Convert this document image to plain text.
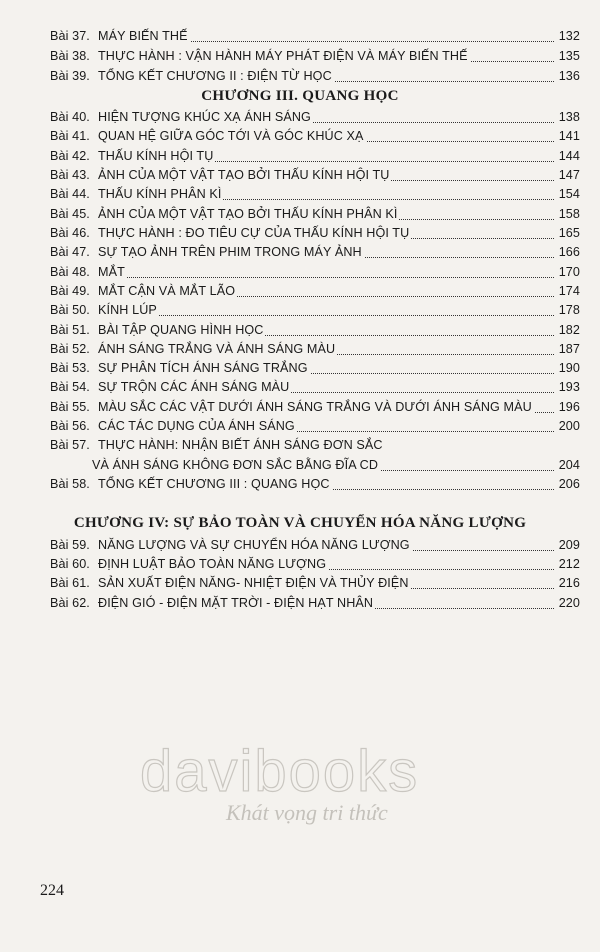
Bài 37. MÁY BIẾN THẾ	132
Bài 38. THỰC HÀNH : VẬN HÀNH MÁY PHÁT ĐIỆN VÀ MÁY BIẾN THẾ	135
Bài 39. TỔNG KẾT CHƯƠNG II : ĐIỆN TỪ HỌC	136
CHƯƠNG III. QUANG HỌC
Bài 40. HIỆN TƯỢNG KHÚC XẠ ÁNH SÁNG	138
Bài 41. QUAN HỆ GIỮA GÓC TỚI VÀ GÓC KHÚC XẠ	141
Bài 42. THẤU KÍNH HỘI TỤ	144
Bài 43. ẢNH CỦA MỘT VẬT TẠO BỞI THẤU KÍNH HỘI TỤ	147
Bài 44. THẤU KÍNH PHÂN KÌ	154
Bài 45. ẢNH CỦA MỘT VẬT TẠO BỞI THẤU KÍNH PHÂN KÌ	158
Bài 46. THỰC HÀNH : ĐO TIÊU CỰ CỦA THẤU KÍNH HỘI TỤ	165
Bài 47. SỰ TẠO ẢNH TRÊN PHIM TRONG MÁY ẢNH	166
Bài 48. MẮT	170
Bài 49. MẮT CẬN VÀ MẮT LÃO	174
Bài 50. KÍNH LÚP	178
Bài 51. BÀI TẬP QUANG HÌNH HỌC	182
Bài 52. ÁNH SÁNG TRẮNG VÀ ÁNH SÁNG MÀU	187
Bài 53. SỰ PHÂN TÍCH ÁNH SÁNG TRẮNG	190
Bài 54. SỰ TRỘN CÁC ÁNH SÁNG MÀU	193
Bài 55. MÀU SẮC CÁC VẬT DƯỚI ÁNH SÁNG TRẮNG VÀ DƯỚI ÁNH SÁNG MÀU 196
Bài 56. CÁC TÁC DỤNG CỦA ÁNH SÁNG	200
Bài 57. THỰC HÀNH: NHẬN BIẾT ÁNH SÁNG ĐƠN SẮC
VÀ ÁNH SÁNG KHÔNG ĐƠN SẮC BẰNG ĐĨA CD	204
Bài 58. TỔNG KẾT CHƯƠNG III : QUANG HỌC	206
CHƯƠNG IV: SỰ BẢO TOÀN VÀ CHUYỂN HÓA NĂNG LƯỢNG
Bài 59. NĂNG LƯỢNG VÀ SỰ CHUYỂN HÓA NĂNG LƯỢNG	209
Bài 60. ĐỊNH LUẬT BẢO TOÀN NĂNG LƯỢNG	212
Bài 61. SẢN XUẤT ĐIỆN NĂNG- NHIỆT ĐIỆN VÀ THỦY ĐIỆN	216
Bài 62. ĐIỆN GIÓ - ĐIỆN MẶT TRỜI - ĐIỆN HẠT NHÂN	220
davibooks
Khát vọng tri thức
224
